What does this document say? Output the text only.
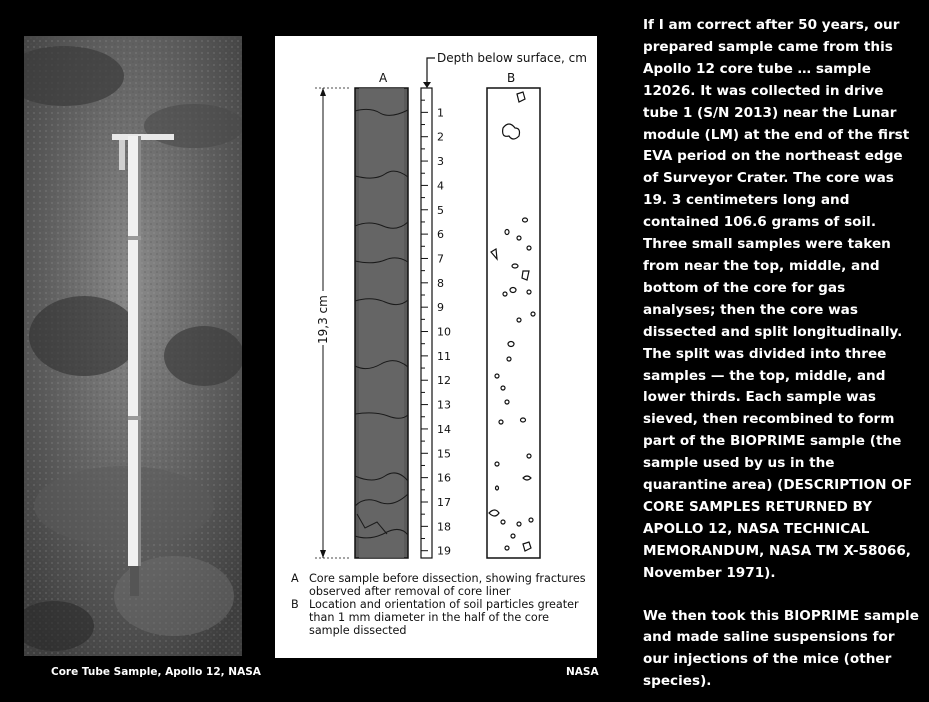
Core Tube Sample, Apollo 12, NASA
Depth below surface, cm
A	B
19,3 cm
1
2
3
4
5
6
7
8
9
10
11
12
13
14
15
16
17
18
19
A Core sample before dissection, showing fractures observed after removal of core liner
B Location and orientation of soil particles greater than 1 mm diameter in the half of the core sample dissected
NASA

If I am correct after 50 years, our prepared sample came from this Apollo 12 core tube … sample 12026. It was collected in drive tube 1 (S/N 2013) near the Lunar module (LM) at the end of the first EVA period on the northeast edge of Surveyor Crater. The core was 19. 3 centimeters long and contained 106.6 grams of soil. Three small samples were taken from near the top, middle, and bottom of the core for gas analyses; then the core was dissected and split longitudinally. The split was divided into three samples — the top, middle, and lower thirds. Each sample was sieved, then recombined to form part of the BIOPRIME sample (the sample used by us in the quarantine area) (DESCRIPTION OF CORE SAMPLES RETURNED BY APOLLO 12, NASA TECHNICAL MEMORANDUM, NASA TM X-58066, November 1971).

We then took this BIOPRIME sample and made saline suspensions for our injections of the mice (other species).
